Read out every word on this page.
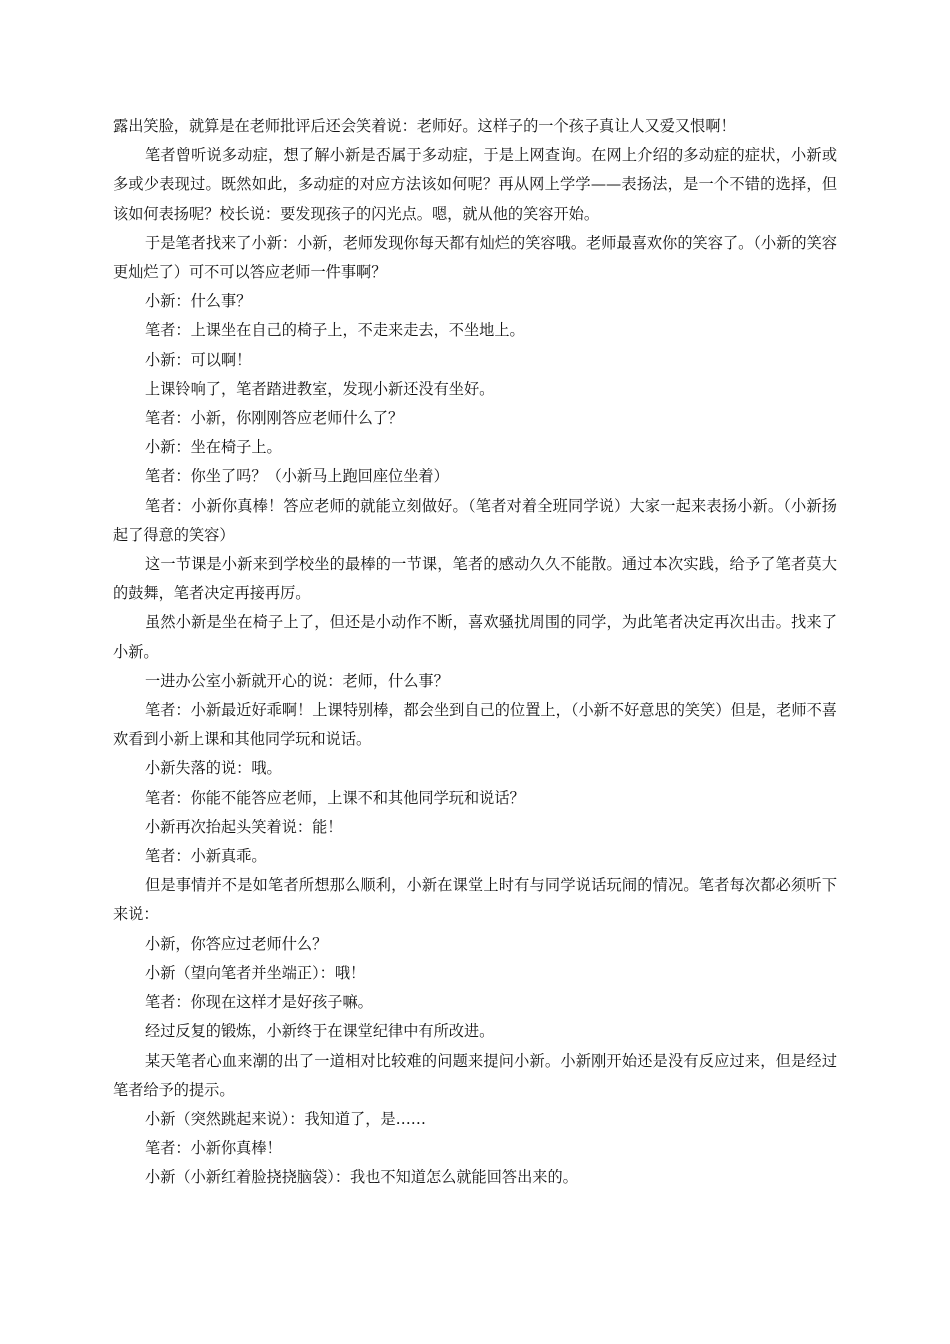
露出笑脸，就算是在老师批评后还会笑着说：老师好。这样子的一个孩子真让人又爱又恨啊！

笔者曾听说多动症，想了解小新是否属于多动症，于是上网查询。在网上介绍的多动症的症状，小新或多或少表现过。既然如此，多动症的对应方法该如何呢？再从网上学学——表扬法，是一个不错的选择，但该如何表扬呢？校长说：要发现孩子的闪光点。嗯，就从他的笑容开始。

于是笔者找来了小新：小新，老师发现你每天都有灿烂的笑容哦。老师最喜欢你的笑容了。（小新的笑容更灿烂了）可不可以答应老师一件事啊？

小新：什么事？

笔者：上课坐在自己的椅子上，不走来走去，不坐地上。

小新：可以啊！

上课铃响了，笔者踏进教室，发现小新还没有坐好。

笔者：小新，你刚刚答应老师什么了？

小新：坐在椅子上。

笔者：你坐了吗？（小新马上跑回座位坐着）

笔者：小新你真棒！答应老师的就能立刻做好。（笔者对着全班同学说）大家一起来表扬小新。（小新扬起了得意的笑容）

这一节课是小新来到学校坐的最棒的一节课，笔者的感动久久不能散。通过本次实践，给予了笔者莫大的鼓舞，笔者决定再接再厉。

虽然小新是坐在椅子上了，但还是小动作不断，喜欢骚扰周围的同学，为此笔者决定再次出击。找来了小新。

一进办公室小新就开心的说：老师，什么事？

笔者：小新最近好乖啊！上课特别棒，都会坐到自己的位置上，（小新不好意思的笑笑）但是，老师不喜欢看到小新上课和其他同学玩和说话。

小新失落的说：哦。

笔者：你能不能答应老师，上课不和其他同学玩和说话？

小新再次抬起头笑着说：能！

笔者：小新真乖。

但是事情并不是如笔者所想那么顺利，小新在课堂上时有与同学说话玩闹的情况。笔者每次都必须听下来说：

小新，你答应过老师什么？

小新（望向笔者并坐端正）：哦！

笔者：你现在这样才是好孩子嘛。

经过反复的锻炼，小新终于在课堂纪律中有所改进。

某天笔者心血来潮的出了一道相对比较难的问题来提问小新。小新刚开始还是没有反应过来，但是经过笔者给予的提示。

小新（突然跳起来说）：我知道了，是……

笔者：小新你真棒！

小新（小新红着脸挠挠脑袋）：我也不知道怎么就能回答出来的。
